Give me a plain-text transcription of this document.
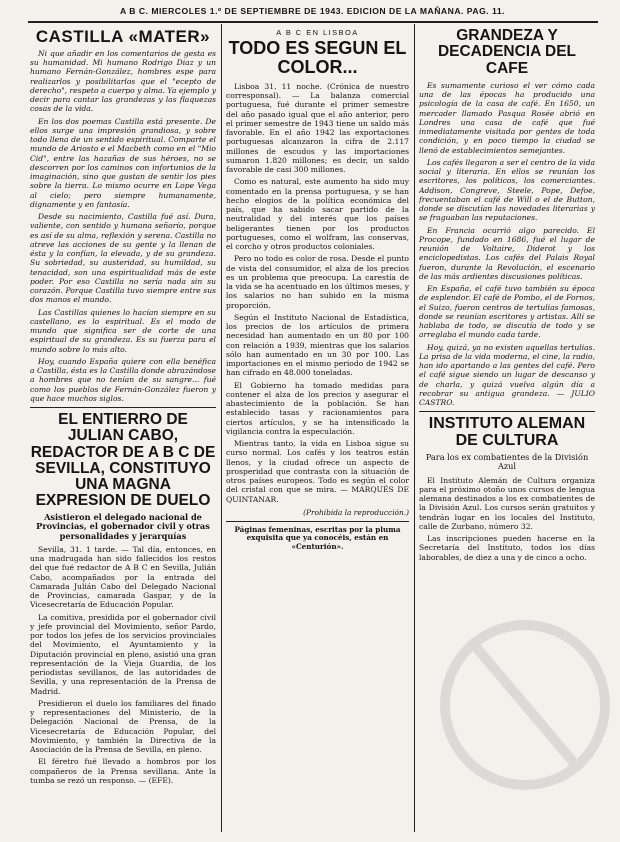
A B C. MIERCOLES 1.º DE SEPTIEMBRE DE 1943. EDICION DE LA MAÑANA. PAG. 11.
CASTILLA «MATER»

Ni que añadir en los comentarios de gesta es su humanidad. Mi humano Rodrigo Diaz y un humano Fernán-González, hombres espe para realizarlos y posibilitarlos que el "ecepto de derecho", respeto a cuerpo y alma. Ya ejemplo y decir para cantar las grandezas y las flaquezas cosas de la vida.

En los dos poemas Castilla está presente. De ellos surge una impresión grandiosa, y sobre todo llena de un sentido espiritual. Comparte el mundo de Ariosto e el Macbeth como en el "Mio Cid", entre las hazañas de sus héroes, no se descorren por los caminos con infortunios de la imaginación, sino que gustan de sentir los pies sobre la tierra. Lo mismo ocurre en Lope Vega al cielo; pero siempre humanamente, dignamente y en fantasía.

Desde su nacimiento, Castilla fué así. Dura, valiente, con sentido y humana señorío, porque es así de su alma, reflexión y serena. Castilla no atreve las acciones de su gente y la llenan de ésta y la confían, la elevada, y de su grandeza. Su sobriedad, su austeridad, su humildad, su tenacidad, son una espiritualidad más de este poder. Por eso Castilla no sería nada sin su corazón. Porque Castilla tuvo siempre entre sus dos manos el mundo.

Las Castillas quienes lo hacían siempre en su castellano, es lo espiritual. Es el modo de mundo que significa ser de corte de una espiritual de su grandeza. Es su fuerza para el mundo sobre lo más alto.

Hoy, cuando España quiere con ella benéfica a Castilla, ésta es la Castilla donde abrazándose a hombres que no tenían de su sangre... fué como los pueblos de Fernán-González fueron y que hace muchos siglos.

EL ENTIERRO DE JULIAN CABO, REDACTOR DE A B C DE SEVILLA, CONSTITUYO UNA MAGNA EXPRESION DE DUELO
Asistieron el delegado nacional de Provincias, el gobernador civil y otras personalidades y jerarquías

Sevilla, 31. 1 tarde. — Tal día, entonces, en una madrugada han sido fallecidos los restos del que fué redactor de A B C en Sevilla, Julián Cabo, acompañados por la entrada del Camarada Julián Cabo del Delegado Nacional de Provincias, camarada Gaspar, y de la Vicesecretaría de Educación Popular.

La comitiva, presidida por el gobernador civil y jefe provincial del Movimiento, señor Pardo, por todos los jefes de los servicios provinciales del Movimiento, el Ayuntamiento y la Diputación provincial en pleno, asistió una gran representación de la Vieja Guardia, de los periodistas sevillanos, de las autoridades de Sevilla, y una representación de la Prensa de Madrid.

Presidieron el duelo los familiares del finado y representaciones del Ministerio, de la Delegación Nacional de Prensa, de la Vicesecretaría de Educación Popular, del Movimiento, y también la Directiva de la Asociación de la Prensa de Sevilla, en pleno.

El féretro fué llevado a hombros por los compañeros de la Prensa sevillana. Ante la tumba se rezó un responso. — (EFE).

A B C EN LISBOA
TODO ES SEGUN EL COLOR...

Lisboa 31, 11 noche. (Crónica de nuestro corresponsal). — La balanza comercial portuguesa, fué durante el primer semestre del año pasado igual que el año anterior, pero el primer semestre de 1943 tiene un saldo más favorable. En el año 1942 las exportaciones portuguesas alcanzaron la cifra de 2.117 millones de escudos y las importaciones sumaron 1.820 millones; es decir, un saldo favorable de casi 300 millones.

Como es natural, este aumento ha sido muy comentado en la prensa portuguesa, y se han hecho elogios de la política económica del país, que ha sabido sacar partido de la neutralidad y del interés que los países beligerantes tienen por los productos portugueses, como el wolfram, las conservas, el corcho y otros productos coloniales.

Pero no todo es color de rosa. Desde el punto de vista del consumidor, el alza de los precios es un problema que preocupa. La carestía de la vida se ha acentuado en los últimos meses, y los salarios no han subido en la misma proporción.

Según el Instituto Nacional de Estadística, los precios de los artículos de primera necesidad han aumentado en un 80 por 100 con relación a 1939, mientras que los salarios sólo han aumentado en un 30 por 100. Las importaciones en el mismo periodo de 1942 se han cifrado en 48.000 toneladas.

El Gobierno ha tomado medidas para contener el alza de los precios y asegurar el abastecimiento de la población. Se han establecido tasas y racionamientos para ciertos artículos, y se ha intensificado la vigilancia contra la especulación.

Mientras tanto, la vida en Lisboa sigue su curso normal. Los cafés y los teatros están llenos, y la ciudad ofrece un aspecto de prosperidad que contrasta con la situación de otros países europeos. Todo es según el color del cristal con que se mira. — MARQUÉS DE QUINTANAR.

(Prohibida la reproducción.)
Páginas femeninas, escritas por la pluma exquisita que ya conocéis, están en «Centurión».
GRANDEZA Y DECADENCIA DEL CAFE

Es sumamente curioso el ver cómo cada una de las épocas ha producido una psicología de la casa de café. En 1650, un mercader llamado Pasqua Rosée abrió en Londres una casa de café que fué inmediatamente visitada por gentes de toda condición, y en poco tiempo la ciudad se llenó de establecimientos semejantes.

Los cafés llegaron a ser el centro de la vida social y literaria. En ellos se reunían los escritores, los políticos, los comerciantes. Addison, Congreve, Steele, Pope, Defoe, frecuentaban el café de Will o el de Button, donde se discutían las novedades literarias y se fraguaban las reputaciones.

En Francia ocurrió algo parecido. El Procope, fundado en 1686, fué el lugar de reunión de Voltaire, Diderot y los enciclopedistas. Los cafés del Palais Royal fueron, durante la Revolución, el escenario de las más ardientes discusiones políticas.

En España, el café tuvo también su época de esplendor. El café de Pombo, el de Fornos, el Suizo, fueron centros de tertulias famosas, donde se reunían escritores y artistas. Allí se hablaba de todo, se discutía de todo y se arreglaba el mundo cada tarde.

Hoy, quizá, ya no existen aquellas tertulias. La prisa de la vida moderna, el cine, la radio, han ido apartando a las gentes del café. Pero el café sigue siendo un lugar de descanso y de charla, y quizá vuelva algún día a recobrar su antigua grandeza. — JULIO CASTRO.

INSTITUTO ALEMAN DE CULTURA
Para los ex combatientes de la División Azul

El Instituto Alemán de Cultura organiza para el próximo otoño unos cursos de lengua alemana destinados a los ex combatientes de la División Azul. Los cursos serán gratuitos y tendrán lugar en los locales del Instituto, calle de Zurbano, número 32.

Las inscripciones pueden hacerse en la Secretaría del Instituto, todos los días laborables, de diez a una y de cinco a ocho.
